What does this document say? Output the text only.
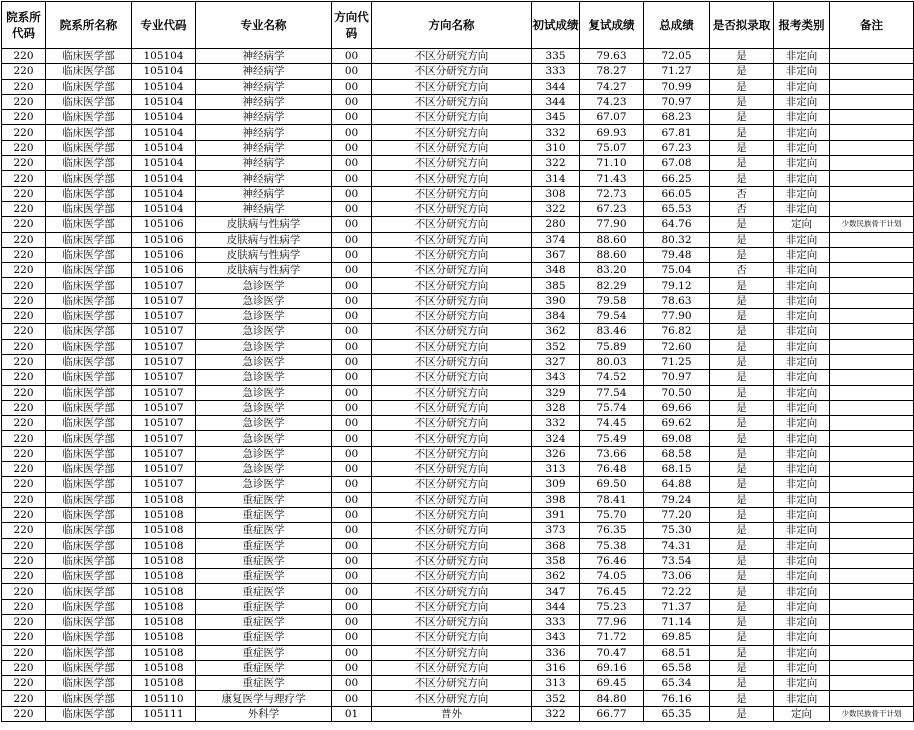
院系所代码	院系所名称	专业代码	专业名称	方向代码	方向名称	初试成绩	复试成绩	总成绩	是否拟录取	报考类别	备注
220	临床医学部	105104	神经病学	00	不区分研究方向	335	79.63	72.05	是	非定向	
220	临床医学部	105104	神经病学	00	不区分研究方向	333	78.27	71.27	是	非定向	
220	临床医学部	105104	神经病学	00	不区分研究方向	344	74.27	70.99	是	非定向	
220	临床医学部	105104	神经病学	00	不区分研究方向	344	74.23	70.97	是	非定向	
220	临床医学部	105104	神经病学	00	不区分研究方向	345	67.07	68.23	是	非定向	
220	临床医学部	105104	神经病学	00	不区分研究方向	332	69.93	67.81	是	非定向	
220	临床医学部	105104	神经病学	00	不区分研究方向	310	75.07	67.23	是	非定向	
220	临床医学部	105104	神经病学	00	不区分研究方向	322	71.10	67.08	是	非定向	
220	临床医学部	105104	神经病学	00	不区分研究方向	314	71.43	66.25	是	非定向	
220	临床医学部	105104	神经病学	00	不区分研究方向	308	72.73	66.05	否	非定向	
220	临床医学部	105104	神经病学	00	不区分研究方向	322	67.23	65.53	否	非定向	
220	临床医学部	105106	皮肤病与性病学	00	不区分研究方向	280	77.90	64.76	是	定向	少数民族骨干计划
220	临床医学部	105106	皮肤病与性病学	00	不区分研究方向	374	88.60	80.32	是	非定向	
220	临床医学部	105106	皮肤病与性病学	00	不区分研究方向	367	88.60	79.48	是	非定向	
220	临床医学部	105106	皮肤病与性病学	00	不区分研究方向	348	83.20	75.04	否	非定向	
220	临床医学部	105107	急诊医学	00	不区分研究方向	385	82.29	79.12	是	非定向	
220	临床医学部	105107	急诊医学	00	不区分研究方向	390	79.58	78.63	是	非定向	
220	临床医学部	105107	急诊医学	00	不区分研究方向	384	79.54	77.90	是	非定向	
220	临床医学部	105107	急诊医学	00	不区分研究方向	362	83.46	76.82	是	非定向	
220	临床医学部	105107	急诊医学	00	不区分研究方向	352	75.89	72.60	是	非定向	
220	临床医学部	105107	急诊医学	00	不区分研究方向	327	80.03	71.25	是	非定向	
220	临床医学部	105107	急诊医学	00	不区分研究方向	343	74.52	70.97	是	非定向	
220	临床医学部	105107	急诊医学	00	不区分研究方向	329	77.54	70.50	是	非定向	
220	临床医学部	105107	急诊医学	00	不区分研究方向	328	75.74	69.66	是	非定向	
220	临床医学部	105107	急诊医学	00	不区分研究方向	332	74.45	69.62	是	非定向	
220	临床医学部	105107	急诊医学	00	不区分研究方向	324	75.49	69.08	是	非定向	
220	临床医学部	105107	急诊医学	00	不区分研究方向	326	73.66	68.58	是	非定向	
220	临床医学部	105107	急诊医学	00	不区分研究方向	313	76.48	68.15	是	非定向	
220	临床医学部	105107	急诊医学	00	不区分研究方向	309	69.50	64.88	是	非定向	
220	临床医学部	105108	重症医学	00	不区分研究方向	398	78.41	79.24	是	非定向	
220	临床医学部	105108	重症医学	00	不区分研究方向	391	75.70	77.20	是	非定向	
220	临床医学部	105108	重症医学	00	不区分研究方向	373	76.35	75.30	是	非定向	
220	临床医学部	105108	重症医学	00	不区分研究方向	368	75.38	74.31	是	非定向	
220	临床医学部	105108	重症医学	00	不区分研究方向	358	76.46	73.54	是	非定向	
220	临床医学部	105108	重症医学	00	不区分研究方向	362	74.05	73.06	是	非定向	
220	临床医学部	105108	重症医学	00	不区分研究方向	347	76.45	72.22	是	非定向	
220	临床医学部	105108	重症医学	00	不区分研究方向	344	75.23	71.37	是	非定向	
220	临床医学部	105108	重症医学	00	不区分研究方向	333	77.96	71.14	是	非定向	
220	临床医学部	105108	重症医学	00	不区分研究方向	343	71.72	69.85	是	非定向	
220	临床医学部	105108	重症医学	00	不区分研究方向	336	70.47	68.51	是	非定向	
220	临床医学部	105108	重症医学	00	不区分研究方向	316	69.16	65.58	是	非定向	
220	临床医学部	105108	重症医学	00	不区分研究方向	313	69.45	65.34	是	非定向	
220	临床医学部	105110	康复医学与理疗学	00	不区分研究方向	352	84.80	76.16	是	非定向	
220	临床医学部	105111	外科学	01	普外	322	66.77	65.35	是	定向	少数民族骨干计划
